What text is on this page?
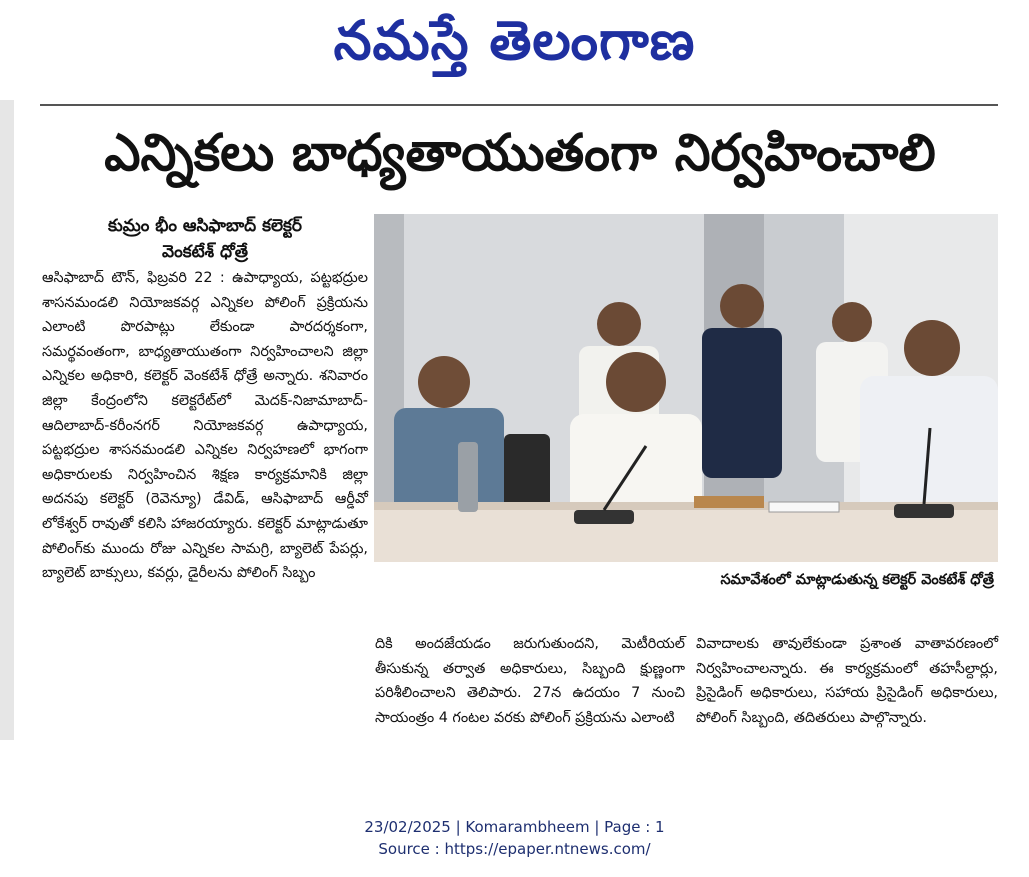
నమస్తే తెలంగాణ
ఎన్నికలు బాధ్యతాయుతంగా నిర్వహించాలి
కుమ్రం భీం ఆసిఫాబాద్ కలెక్టర్
వెంకటేశ్ ధోత్రే

ఆసిఫాబాద్ టౌన్, ఫిబ్రవరి 22 : ఉపాధ్యాయ, పట్టభద్రుల శాసనమండలి నియోజకవర్గ ఎన్నికల పోలింగ్ ప్రక్రియను ఎలాంటి పొరపాట్లు లేకుండా పారదర్శకంగా, సమర్థవంతంగా, బాధ్యతాయుతంగా నిర్వహించాలని జిల్లా ఎన్నికల అధికారి, కలెక్టర్ వెంకటేశ్ ధోత్రే అన్నారు. శనివారం జిల్లా కేంద్రంలోని కలెక్టరేట్‌లో మెదక్-నిజామాబాద్-ఆదిలాబాద్-కరీంనగర్ నియోజకవర్గ ఉపాధ్యాయ, పట్టభద్రుల శాసనమండలి ఎన్నికల నిర్వహణలో భాగంగా అధికారులకు నిర్వహించిన శిక్షణ కార్యక్రమానికి జిల్లా అదనపు కలెక్టర్ (రెవెన్యూ) డేవిడ్, ఆసిఫాబాద్ ఆర్డీవో లోకేశ్వర్ రావుతో కలిసి హాజరయ్యారు. కలెక్టర్ మాట్లాడుతూ పోలింగ్‌కు ముందు రోజు ఎన్నికల సామగ్రి, బ్యాలెట్ పేపర్లు, బ్యాలెట్ బాక్సులు, కవర్లు, డైరీలను పోలింగ్ సిబ్బం	సమావేశంలో మాట్లాడుతున్న కలెక్టర్ వెంకటేశ్ ధోత్రే

దికి అందజేయడం జరుగుతుందని, మెటీరియల్ తీసుకున్న తర్వాత అధికారులు, సిబ్బంది క్షుణ్ణంగా పరిశీలించాలని తెలిపారు. 27న ఉదయం 7 నుంచి సాయంత్రం 4 గంటల వరకు పోలింగ్ ప్రక్రియను ఎలాంటి

వివాదాలకు తావులేకుండా ప్రశాంత వాతావరణంలో నిర్వహించాలన్నారు. ఈ కార్యక్రమంలో తహసీల్దార్లు, ప్రిసైడింగ్ అధికారులు, సహాయ ప్రిసైడింగ్ అధికారులు, పోలింగ్ సిబ్బంది, తదితరులు పాల్గొన్నారు.

23/02/2025 | Komarambheem | Page : 1
Source : https://epaper.ntnews.com/
